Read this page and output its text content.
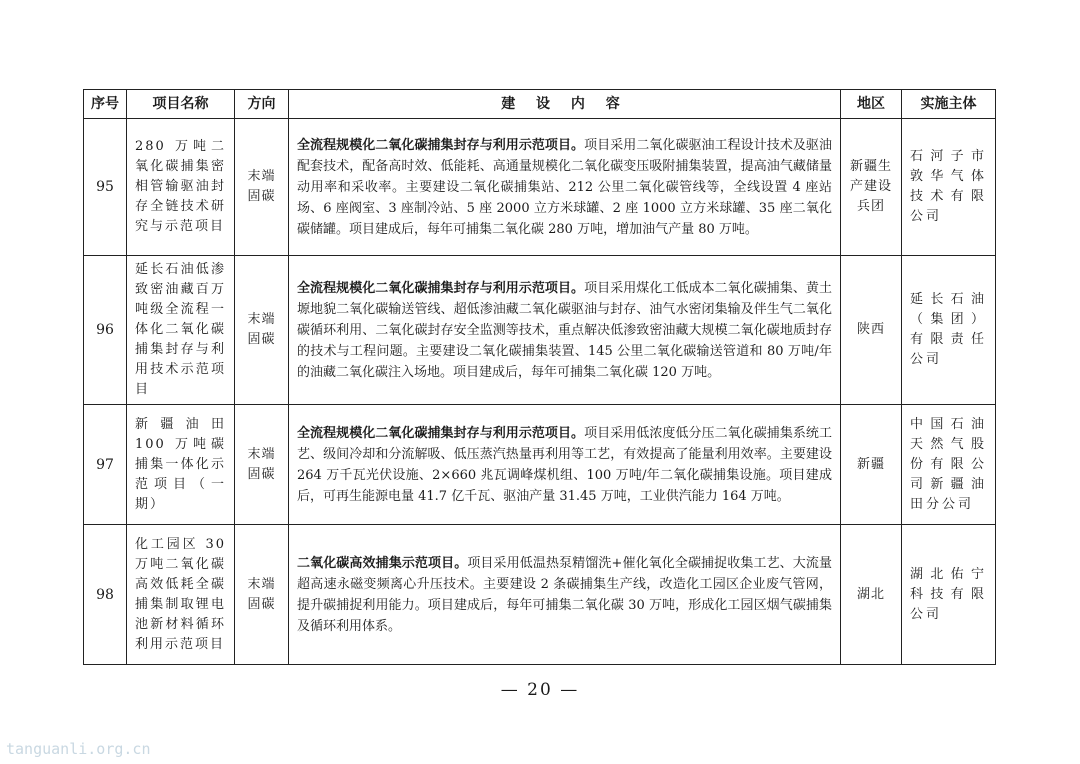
序号	项目名称	方向	建 设 内 容	地区	实施主体
95	280 万吨二氧化碳捕集密相管输驱油封存全链技术研究与示范项目	末端固碳	全流程规模化二氧化碳捕集封存与利用示范项目。项目采用二氧化碳驱油工程设计技术及驱油配套技术，配备高时效、低能耗、高通量规模化二氧化碳变压吸附捕集装置，提高油气藏储量动用率和采收率。主要建设二氧化碳捕集站、212 公里二氧化碳管线等，全线设置 4 座站场、6 座阀室、3 座制冷站、5 座 2000 立方米球罐、2 座 1000 立方米球罐、35 座二氧化碳储罐。项目建成后，每年可捕集二氧化碳 280 万吨，增加油气产量 80 万吨。	新疆生产建设兵团	石河子市敦华气体技术有限公司
96	延长石油低渗致密油藏百万吨级全流程一体化二氧化碳捕集封存与利用技术示范项目	末端固碳	全流程规模化二氧化碳捕集封存与利用示范项目。项目采用煤化工低成本二氧化碳捕集、黄土塬地貌二氧化碳输送管线、超低渗油藏二氧化碳驱油与封存、油气水密闭集输及伴生气二氧化碳循环利用、二氧化碳封存安全监测等技术，重点解决低渗致密油藏大规模二氧化碳地质封存的技术与工程问题。主要建设二氧化碳捕集装置、145 公里二氧化碳输送管道和 80 万吨/年的油藏二氧化碳注入场地。项目建成后，每年可捕集二氧化碳 120 万吨。	陕西	延长石油（集团）有限责任公司
97	新疆油田 100 万吨碳捕集一体化示范项目（一期）	末端固碳	全流程规模化二氧化碳捕集封存与利用示范项目。项目采用低浓度低分压二氧化碳捕集系统工艺、级间冷却和分流解吸、低压蒸汽热量再利用等工艺，有效提高了能量利用效率。主要建设 264 万千瓦光伏设施、2×660 兆瓦调峰煤机组、100 万吨/年二氧化碳捕集设施。项目建成后，可再生能源电量 41.7 亿千瓦、驱油产量 31.45 万吨，工业供汽能力 164 万吨。	新疆	中国石油天然气股份有限公司新疆油田分公司
98	化工园区 30 万吨二氧化碳高效低耗全碳捕集制取锂电池新材料循环利用示范项目	末端固碳	二氧化碳高效捕集示范项目。项目采用低温热泵精馏洗+催化氧化全碳捕捉收集工艺、大流量超高速永磁变频离心升压技术。主要建设 2 条碳捕集生产线，改造化工园区企业废气管网，提升碳捕捉利用能力。项目建成后，每年可捕集二氧化碳 30 万吨，形成化工园区烟气碳捕集及循环利用体系。	湖北	湖北佑宁科技有限公司
— 20 —
tanguanli.org.cn
